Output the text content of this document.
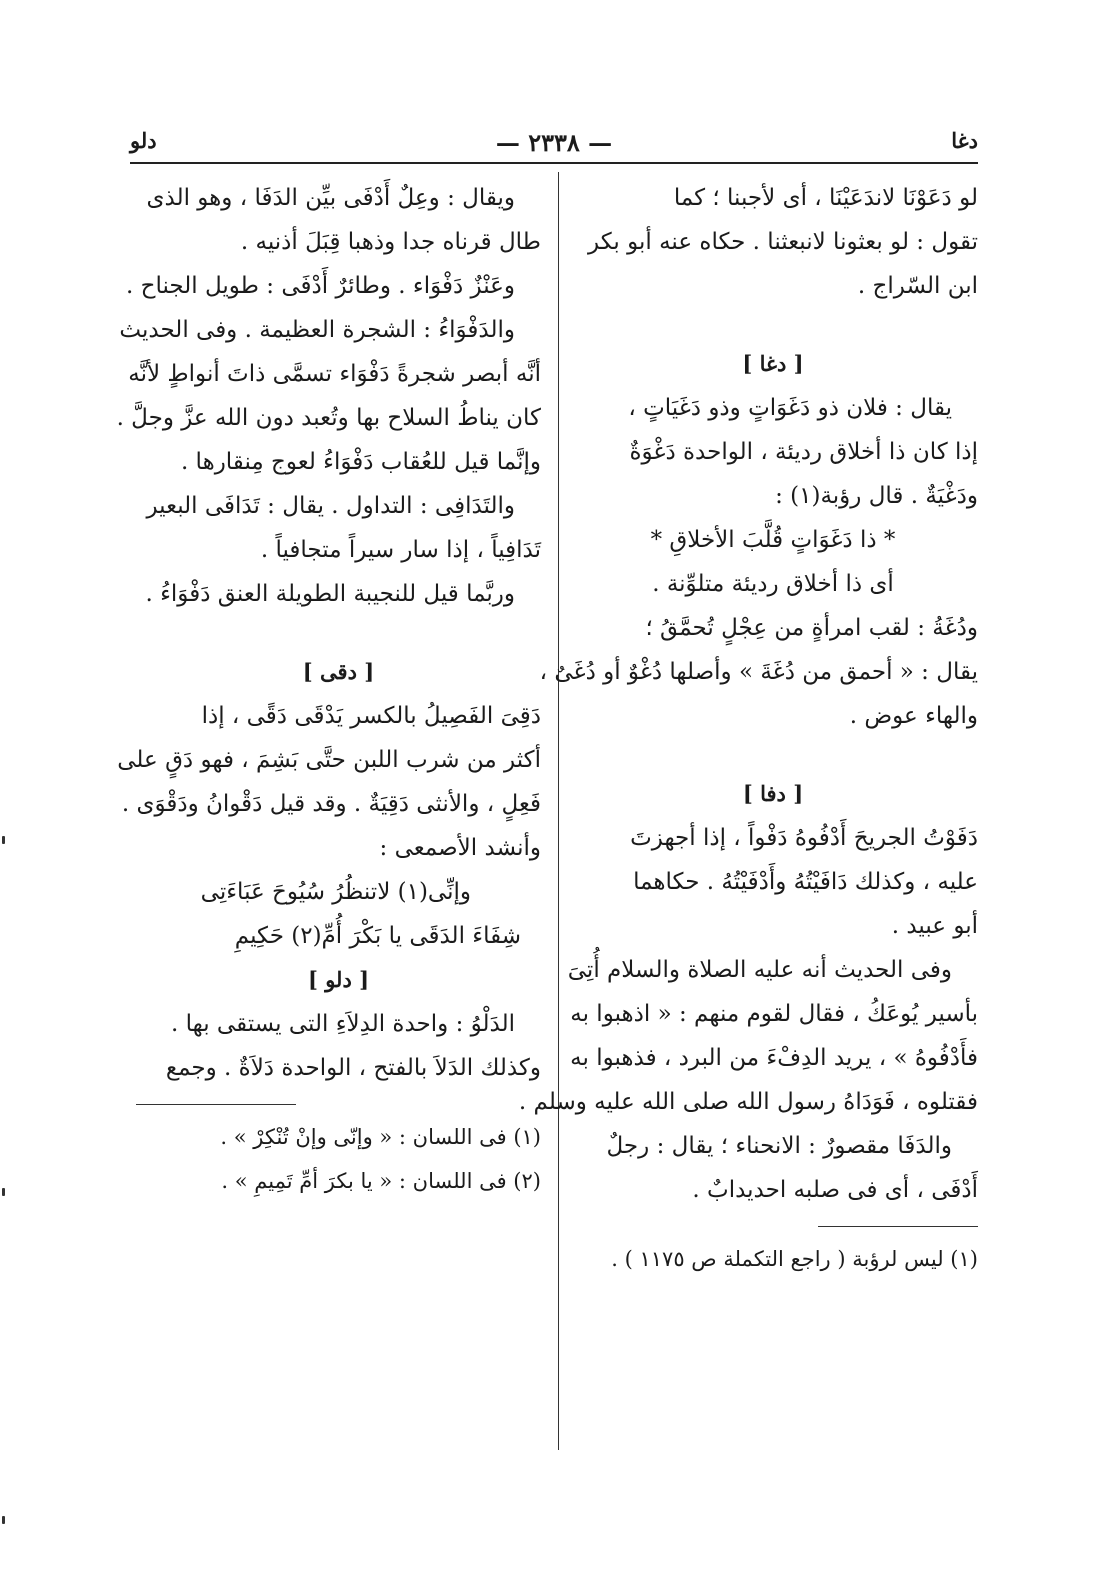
دغا
— ٢٣٣٨ —
دلو
لو دَعَوْنَا لاندَعَيْنَا ، أى لأجبنا ؛ كما
تقول : لو بعثونا لانبعثنا . حكاه عنه أبو بكر
ابن السّراج .
[ دغا ]
يقال : فلان ذو دَغَوَاتٍ وذو دَغَيَاتٍ ،
إذا كان ذا أخلاق رديئة ، الواحدة دَغْوَةٌ
ودَغْيَةٌ . قال رؤبة(١) :
* ذا دَغَوَاتٍ قُلَّبَ الأخلاقِ *
أى ذا أخلاق رديئة متلوِّنة .
ودُغَةُ : لقب امرأةٍ من عِجْلٍ تُحمَّقُ ؛
يقال : « أحمق من دُغَةَ » وأصلها دُغْوٌ أو دُغَىٌ ،
والهاء عوض .
[ دفا ]
دَفَوْتُ الجريحَ أَدْفُوهُ دَفْواً ، إذا أجهزتَ
عليه ، وكذلك دَافَيْتُهُ وأَدْفَيْتُهُ . حكاهما
أبو عبيد .
وفى الحديث أنه عليه الصلاة والسلام أُتِىَ
بأسير يُوعَكُ ، فقال لقوم منهم : « اذهبوا به
فأَدْفُوهُ » ، يريد الدِفْءَ من البرد ، فذهبوا به
فقتلوه ، فَوَدَاهُ رسول الله صلى الله عليه وسلم .
والدَفَا مقصورٌ : الانحناء ؛ يقال : رجلٌ
أَدْفَى ، أى فى صلبه احديدابٌ .
(١) ليس لرؤبة ( راجع التكملة ص ١١٧٥ ) .
ويقال : وعِلٌ أَدْفَى بيِّن الدَفَا ، وهو الذى
طال قرناه جدا وذهبا قِبَلَ أذنيه .
وعَنْزٌ دَفْوَاء . وطائرٌ أَدْفَى : طويل الجناح .
والدَفْوَاءُ : الشجرة العظيمة . وفى الحديث
أنَّه أبصر شجرةً دَفْوَاء تسمَّى ذاتَ أنواطٍ لأنَّه
كان يناطُ السلاح بها وتُعبد دون الله عزَّ وجلَّ .
وإنَّما قيل للعُقاب دَفْوَاءُ لعوج مِنقارها .
والتَدَافِى : التداول . يقال : تَدَافَى البعير
تَدَافِياً ، إذا سار سيراً متجافياً .
وربَّما قيل للنجيبة الطويلة العنق دَفْوَاءُ .
[ دقى ]
دَقِىَ الفَصِيلُ بالكسر يَدْقَى دَقًى ، إذا
أكثر من شرب اللبن حتَّى بَشِمَ ، فهو دَقٍ على
فَعِلٍ ، والأنثى دَقِيَةٌ . وقد قيل دَقْوانُ ودَقْوَى .
وأنشد الأصمعى :
وإنِّى(١) لاتنظُرُ سُيُوحَ عَبَاءَتِى
شِفَاءَ الدَقَى يا بَكْرَ أُمِّ(٢) حَكِيمِ
[ دلو ]
الدَلْوُ : واحدة الدِلاَءِ التى يستقى بها .
وكذلك الدَلاَ بالفتح ، الواحدة دَلاَةٌ . وجمع
(١) فى اللسان : « وإنّى وإنْ تُنْكِرْ » .
(٢) فى اللسان : « يا بكرَ أمِّ تَمِيمِ » .
